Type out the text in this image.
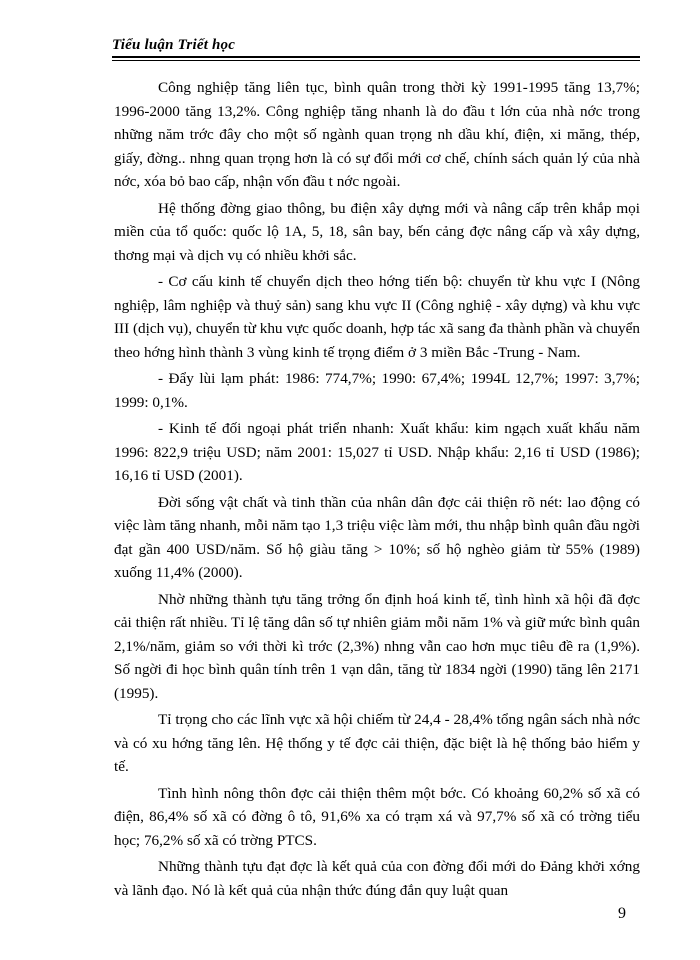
Tiểu luận Triết học

Công nghiệp tăng liên tục, bình quân trong thời kỳ 1991-1995 tăng 13,7%; 1996-2000 tăng 13,2%. Công nghiệp tăng nhanh là do đầu t lớn của nhà nớc trong những năm trớc đây cho một số ngành quan trọng nh dầu khí, điện, xi măng, thép, giấy, đờng.. nhng quan trọng hơn là có sự đổi mới cơ chế, chính sách quản lý của nhà nớc, xóa bỏ bao cấp, nhận vốn đầu t nớc ngoài.

Hệ thống đờng giao thông, bu điện xây dựng mới và nâng cấp trên khắp mọi miền của tổ quốc: quốc lộ 1A, 5, 18, sân bay, bến cảng đợc nâng cấp và xây dựng, thơng mại và dịch vụ có nhiều khởi sắc.

- Cơ cấu kinh tế chuyển dịch theo hớng tiến bộ: chuyển từ khu vực I (Nông nghiệp, lâm nghiệp và thuỷ sản) sang khu vực II (Công nghiệ - xây dựng) và khu vực III (dịch vụ), chuyển từ khu vực quốc doanh, hợp tác xã sang đa thành phần và chuyển theo hớng hình thành 3 vùng kinh tế trọng điểm ở 3 miền Bắc -Trung - Nam.

- Đẩy lùi lạm phát: 1986: 774,7%; 1990: 67,4%; 1994L 12,7%; 1997: 3,7%; 1999: 0,1%.

- Kinh tế đối ngoại phát triển nhanh: Xuất khẩu: kim ngạch xuất khẩu năm 1996: 822,9 triệu USD; năm 2001: 15,027 tỉ USD. Nhập khẩu: 2,16 tỉ USD (1986); 16,16 tỉ USD (2001).

Đời sống vật chất và tinh thần của nhân dân đợc cải thiện rõ nét: lao động có việc làm tăng nhanh, mỗi năm tạo 1,3 triệu việc làm mới, thu nhập bình quân đầu ngời đạt gần 400 USD/năm. Số hộ giàu tăng > 10%; số hộ nghèo giảm từ 55% (1989) xuống 11,4% (2000).

Nhờ những thành tựu tăng trởng ổn định hoá kinh tế, tình hình xã hội đã đợc cải thiện rất nhiều. Tỉ lệ tăng dân số tự nhiên giảm mỗi năm 1% và giữ mức bình quân 2,1%/năm, giảm so với thời kì trớc (2,3%) nhng vẫn cao hơn mục tiêu đề ra (1,9%). Số ngời đi học bình quân tính trên 1 vạn dân, tăng từ 1834 ngời (1990) tăng lên 2171 (1995).

Tỉ trọng cho các lĩnh vực xã hội chiếm từ 24,4 - 28,4% tổng ngân sách nhà nớc và có xu hớng tăng lên. Hệ thống y tế đợc cải thiện, đặc biệt là hệ thống bảo hiểm y tế.

Tình hình nông thôn đợc cải thiện thêm một bớc. Có khoảng 60,2% số xã có điện, 86,4% số xã có đờng ô tô, 91,6% xa có trạm xá và 97,7% số xã có trờng tiểu học; 76,2% số xã có trờng PTCS.

Những thành tựu đạt đợc là kết quả của con đờng đổi mới do Đảng khởi xớng và lãnh đạo. Nó là kết quả của nhận thức đúng đắn quy luật quan

9
